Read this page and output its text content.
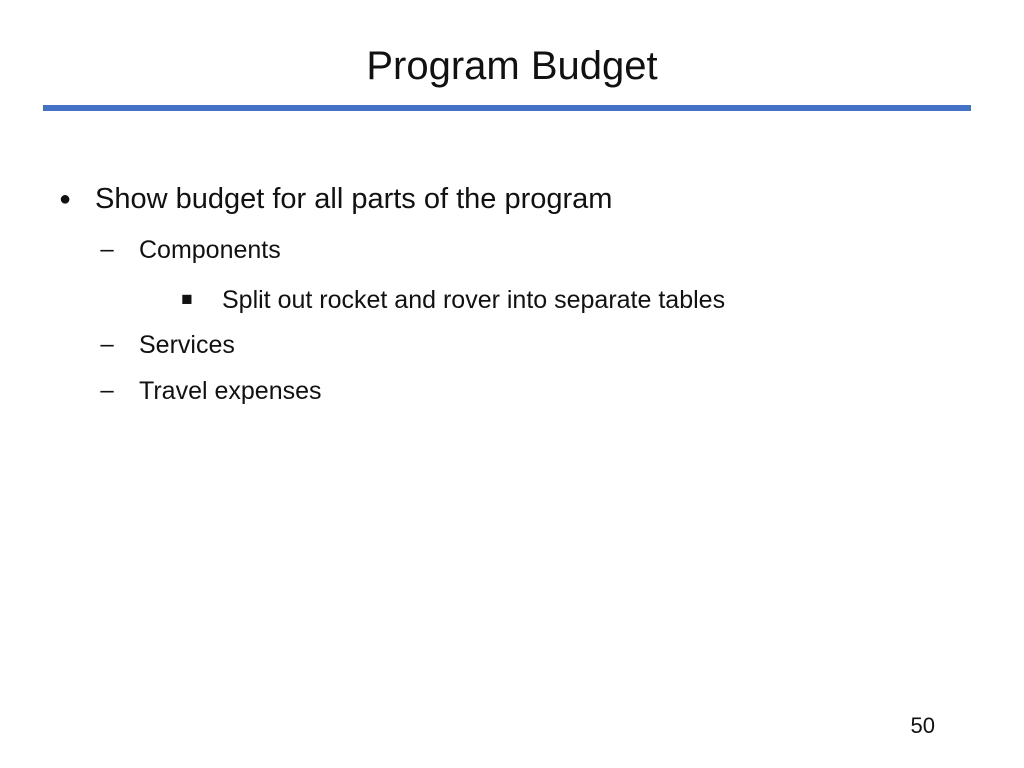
Program Budget
● Show budget for all parts of the program
– Components
■ Split out rocket and rover into separate tables
– Services
– Travel expenses
50
